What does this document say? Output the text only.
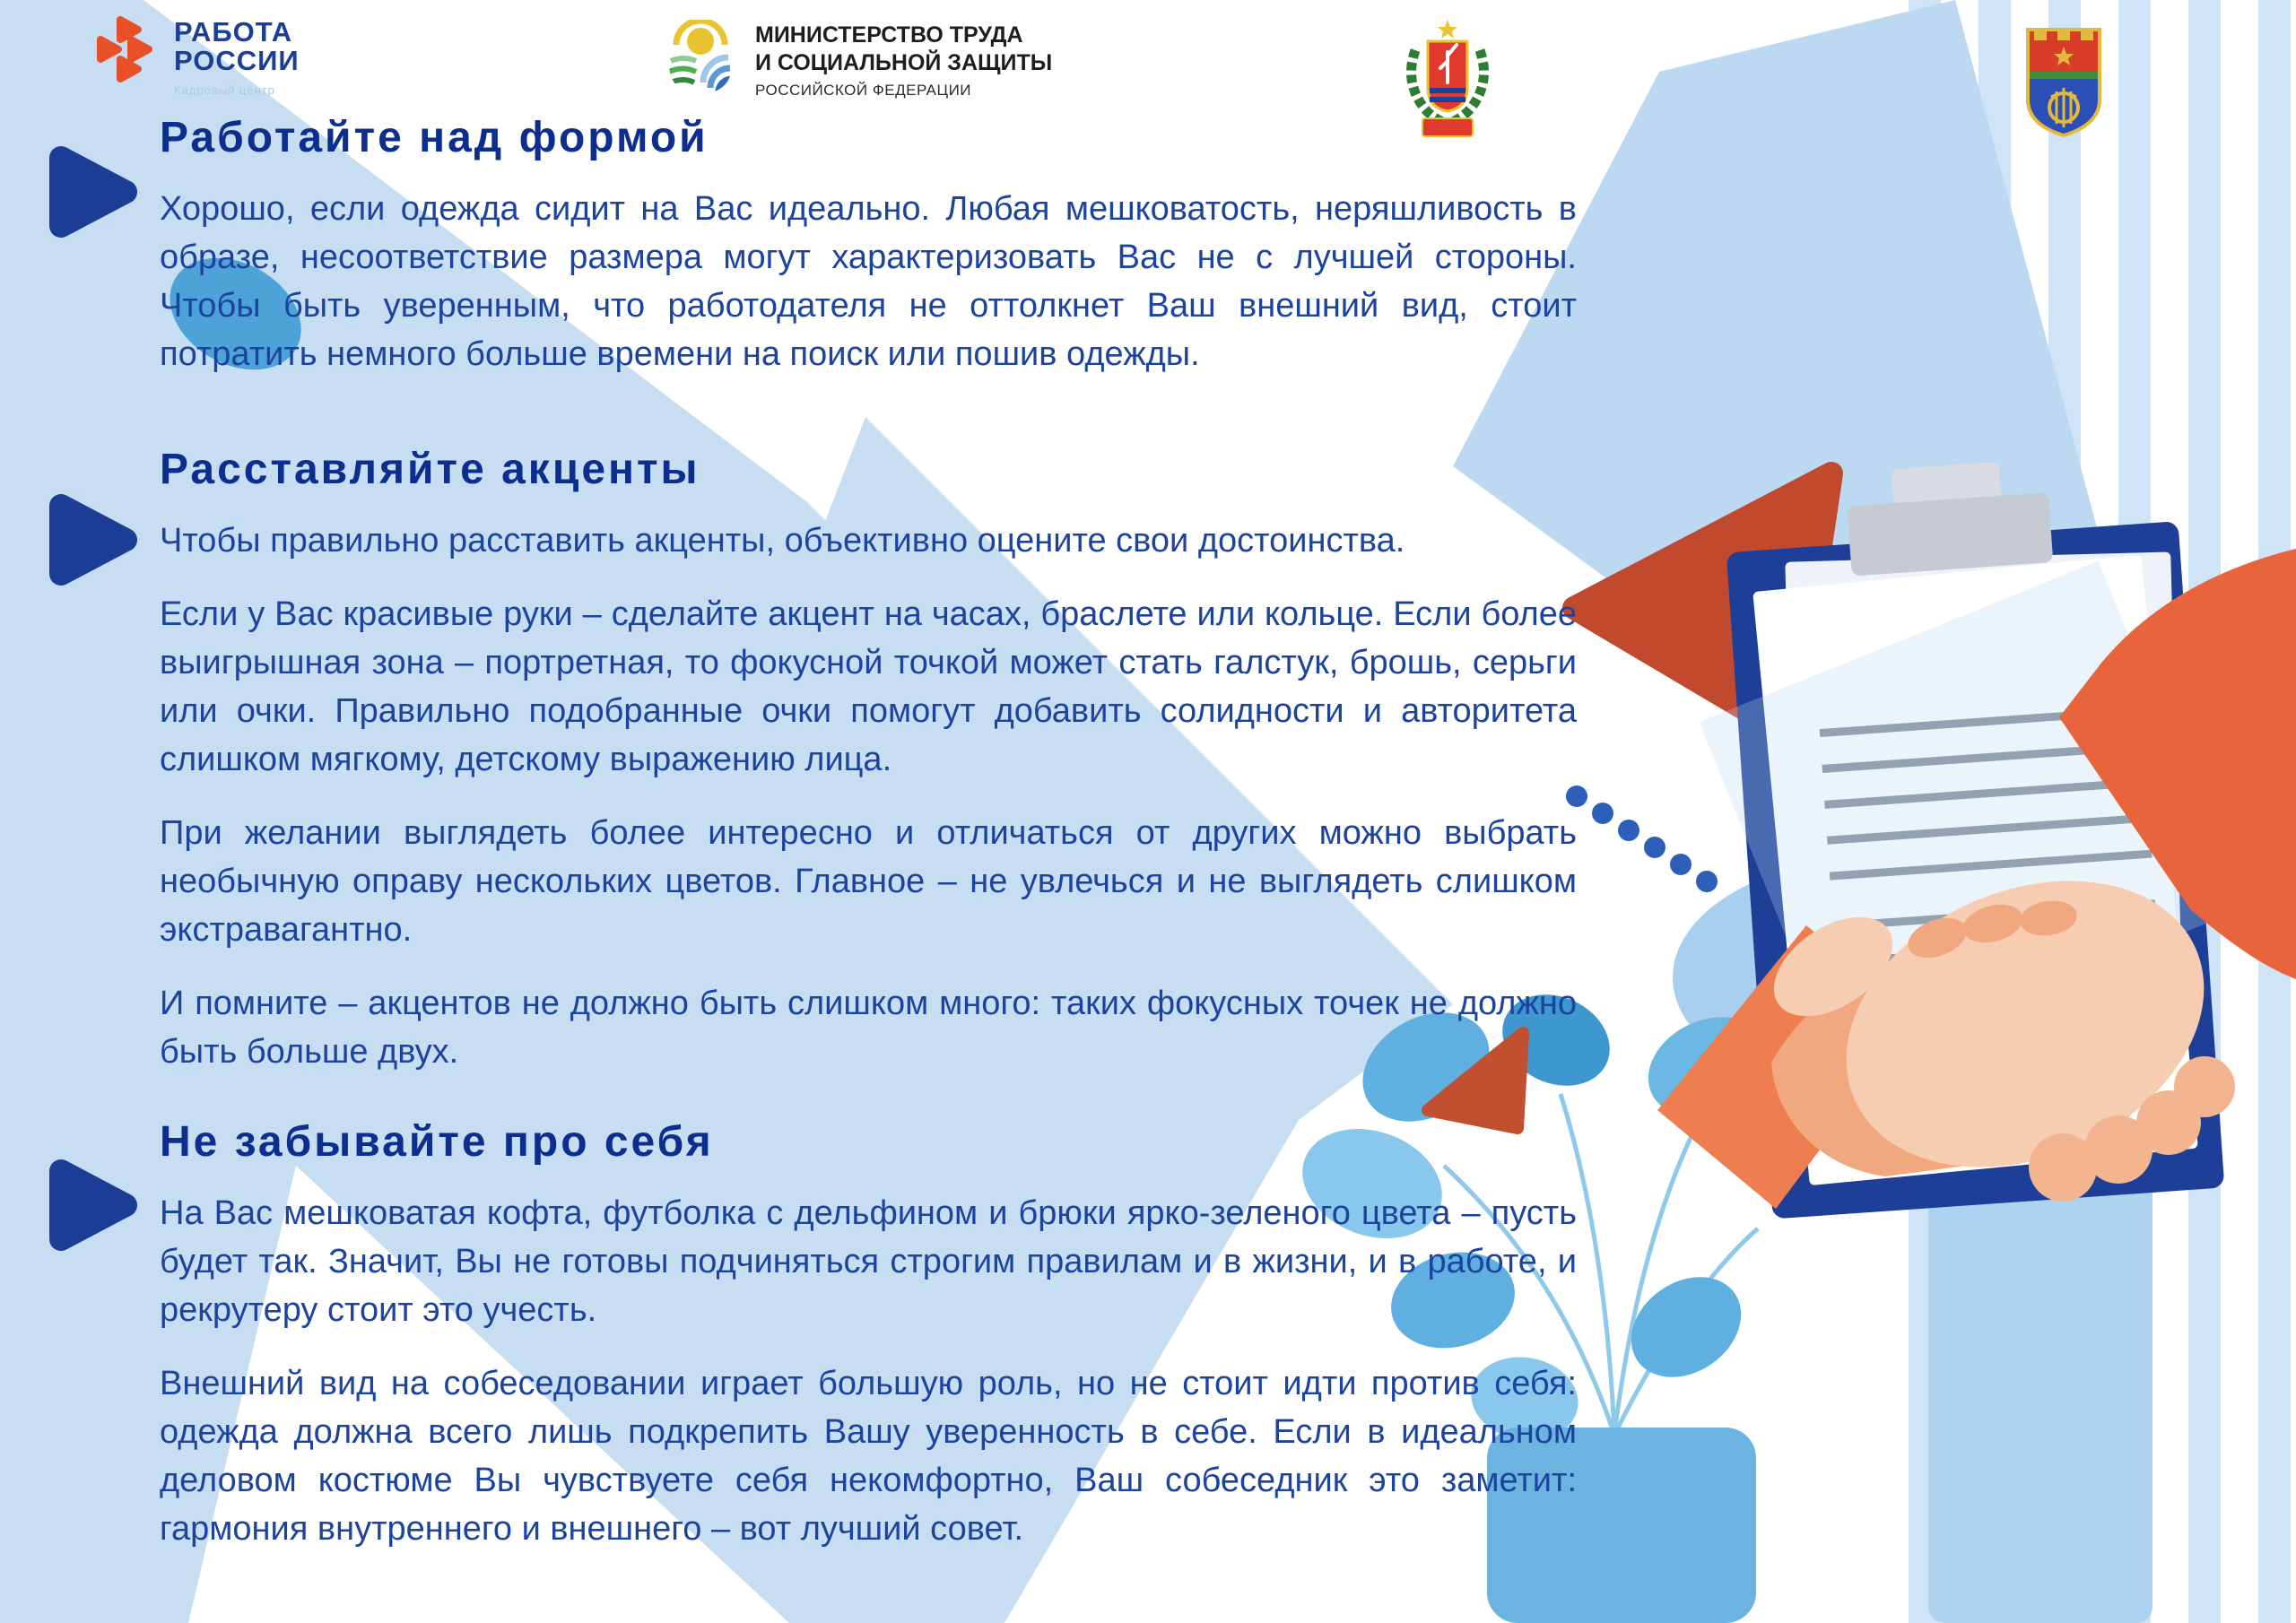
РАБОТА
РОССИИ
Кадровый центр
МИНИСТЕРСТВО ТРУДА
И СОЦИАЛЬНОЙ ЗАЩИТЫ
РОССИЙСКОЙ ФЕДЕРАЦИИ
Работайте над формой

Хорошо, если одежда сидит на Вас идеально. Любая мешковатость, неряшливость в образе, несоответствие размера могут характеризовать Вас не с лучшей стороны. Чтобы быть уверенным, что работодателя не оттолкнет Ваш внешний вид, стоит потратить немного больше времени на поиск или пошив одежды.

Расставляйте акценты

Чтобы правильно расставить акценты, объективно оцените свои достоинства.

Если у Вас красивые руки – сделайте акцент на часах, браслете или кольце. Если более выигрышная зона – портретная, то фокусной точкой может стать галстук, брошь, серьги или очки. Правильно подобранные очки помогут добавить солидности и авторитета слишком мягкому, детскому выражению лица.

При желании выглядеть более интересно и отличаться от других можно выбрать необычную оправу нескольких цветов. Главное – не увлечься и не выглядеть слишком экстравагантно.

И помните – акцентов не должно быть слишком много: таких фокусных точек не должно быть больше двух.

Не забывайте про себя

На Вас мешковатая кофта, футболка с дельфином и брюки ярко-зеленого цвета – пусть будет так. Значит, Вы не готовы подчиняться строгим правилам и в жизни, и в работе, и рекрутеру стоит это учесть.

Внешний вид на собеседовании играет большую роль, но не стоит идти против себя: одежда должна всего лишь подкрепить Вашу уверенность в себе. Если в идеальном деловом костюме Вы чувствуете себя некомфортно, Ваш собеседник это заметит: гармония внутреннего и внешнего – вот лучший совет.
